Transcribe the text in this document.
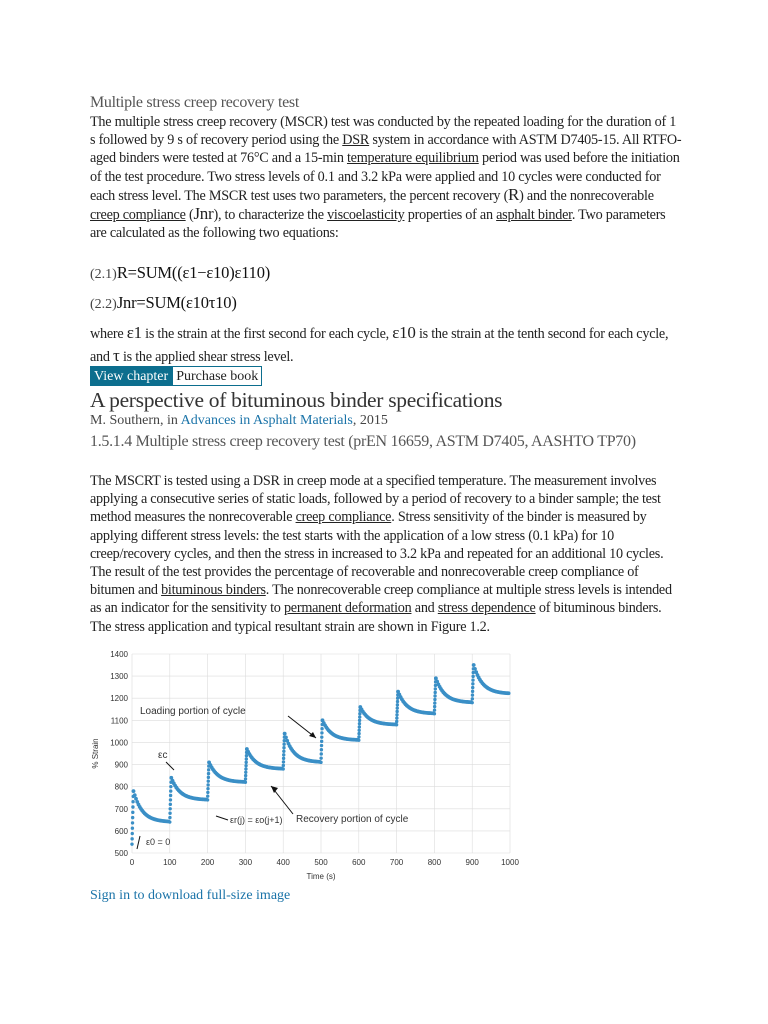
Multiple stress creep recovery test
The multiple stress creep recovery (MSCR) test was conducted by the repeated loading for the duration of 1 s followed by 9 s of recovery period using the DSR system in accordance with ASTM D7405-15. All RTFO-aged binders were tested at 76°C and a 15-min temperature equilibrium period was used before the initiation of the test procedure. Two stress levels of 0.1 and 3.2 kPa were applied and 10 cycles were conducted for each stress level. The MSCR test uses two parameters, the percent recovery (R) and the nonrecoverable creep compliance (Jnr), to characterize the viscoelasticity properties of an asphalt binder. Two parameters are calculated as the following two equations:
(2.1)R=SUM((ε1−ε10)ε110)
(2.2)Jnr=SUM(ε10τ10)
where ε1 is the strain at the first second for each cycle, ε10 is the strain at the tenth second for each cycle, and τ is the applied shear stress level.
View chapter Purchase book
A perspective of bituminous binder specifications
M. Southern, in Advances in Asphalt Materials, 2015
1.5.1.4 Multiple stress creep recovery test (prEN 16659, ASTM D7405, AASHTO TP70)
The MSCRT is tested using a DSR in creep mode at a specified temperature. The measurement involves applying a consecutive series of static loads, followed by a period of recovery to a binder sample; the test method measures the nonrecoverable creep compliance. Stress sensitivity of the binder is measured by applying different stress levels: the test starts with the application of a low stress (0.1 kPa) for 10 creep/recovery cycles, and then the stress in increased to 3.2 kPa and repeated for an additional 10 cycles. The result of the test provides the percentage of recoverable and nonrecoverable creep compliance of bitumen and bituminous binders. The nonrecoverable creep compliance at multiple stress levels is intended as an indicator for the sensitivity to permanent deformation and stress dependence of bituminous binders. The stress application and typical resultant strain are shown in Figure 1.2.
500
600
700
800
900
1000
1100
1200
1300
1400
0	100	200	300	400	500	600	700	800	900	1000
Time (s)
% Strain
Loading portion of cycle
Recovery portion of cycle
εc
εr(j) = εo(j+1)
ε0 = 0
Sign in to download full-size image
